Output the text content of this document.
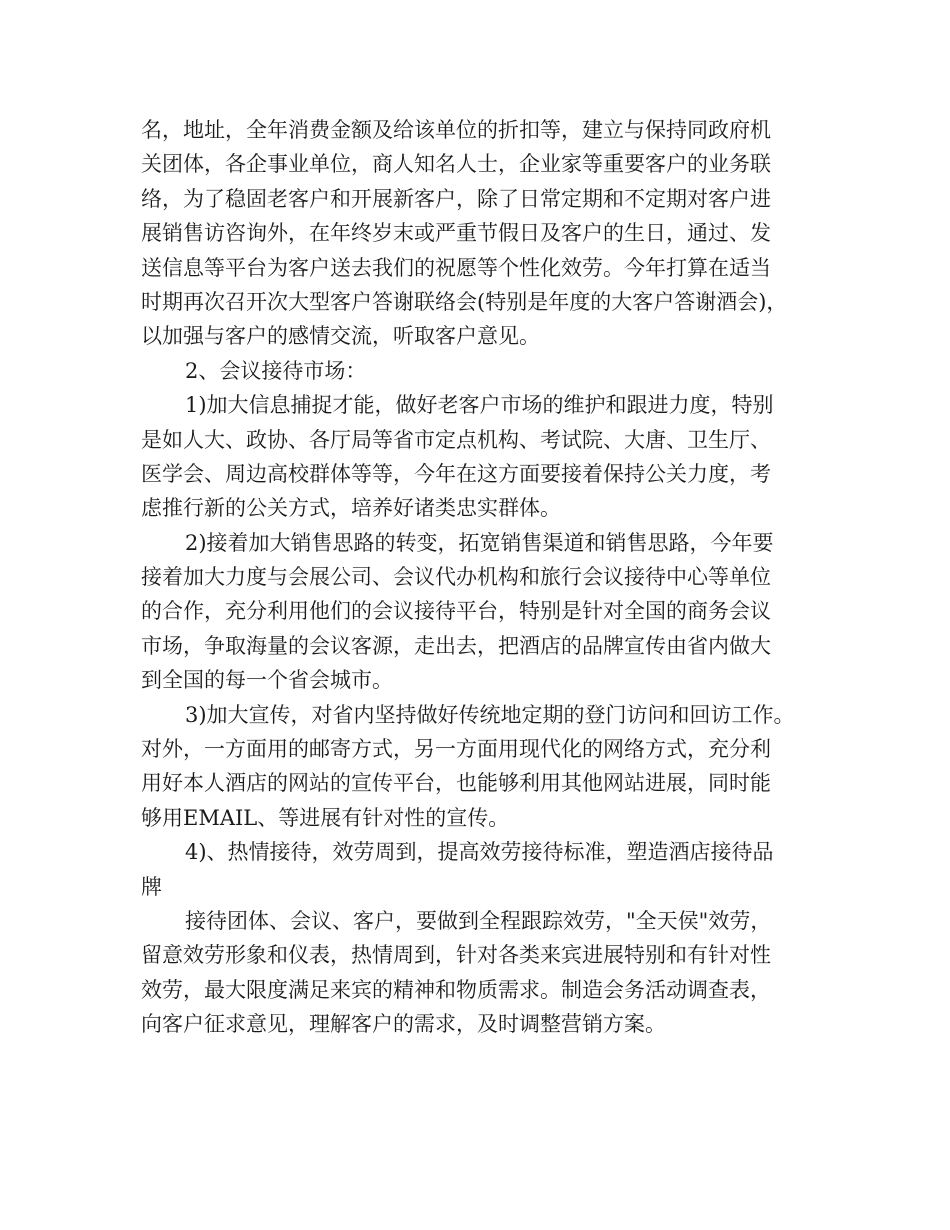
名，地址，全年消费金额及给该单位的折扣等，建立与保持同政府机
关团体，各企事业单位，商人知名人士，企业家等重要客户的业务联
络，为了稳固老客户和开展新客户，除了日常定期和不定期对客户进
展销售访咨询外，在年终岁末或严重节假日及客户的生日，通过、发
送信息等平台为客户送去我们的祝愿等个性化效劳。今年打算在适当
时期再次召开次大型客户答谢联络会(特别是年度的大客户答谢酒会)，
以加强与客户的感情交流，听取客户意见。
2、会议接待市场：
1)加大信息捕捉才能，做好老客户市场的维护和跟进力度，特别
是如人大、政协、各厅局等省市定点机构、考试院、大唐、卫生厅、
医学会、周边高校群体等等，今年在这方面要接着保持公关力度，考
虑推行新的公关方式，培养好诸类忠实群体。
2)接着加大销售思路的转变，拓宽销售渠道和销售思路，今年要
接着加大力度与会展公司、会议代办机构和旅行会议接待中心等单位
的合作，充分利用他们的会议接待平台，特别是针对全国的商务会议
市场，争取海量的会议客源，走出去，把酒店的品牌宣传由省内做大
到全国的每一个省会城市。
3)加大宣传，对省内坚持做好传统地定期的登门访问和回访工作。
对外，一方面用的邮寄方式，另一方面用现代化的网络方式，充分利
用好本人酒店的网站的宣传平台，也能够利用其他网站进展，同时能
够用EMAIL、等进展有针对性的宣传。
4)、热情接待，效劳周到，提高效劳接待标准，塑造酒店接待品
牌
接待团体、会议、客户，要做到全程跟踪效劳，"全天侯"效劳，
留意效劳形象和仪表，热情周到，针对各类来宾进展特别和有针对性
效劳，最大限度满足来宾的精神和物质需求。制造会务活动调查表，
向客户征求意见，理解客户的需求，及时调整营销方案。
